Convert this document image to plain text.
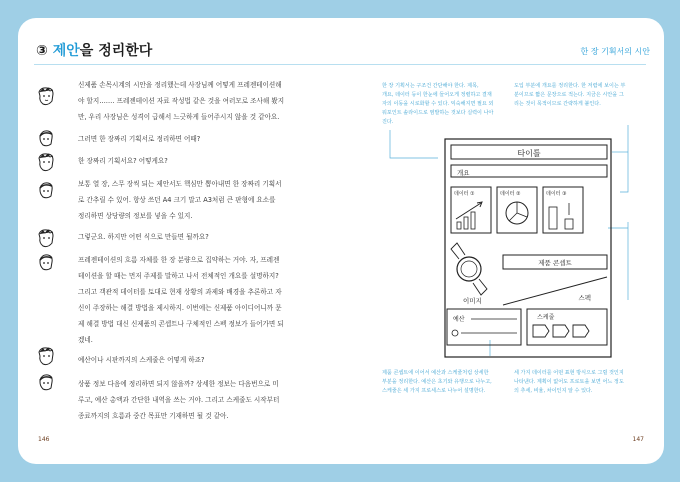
③ 제안을 정리한다	한 장 기획서의 시안
신제품 손목시계의 시안을 정리했는데 사장님께 어떻게 프레젠테이션해
야 할지……. 프레젠테이션 자료 작성법 같은 것을 여러모로 조사해 봤지
만, 우리 사장님은 성격이 급해서 느긋하게 들어주시지 않을 것 같아요.
그러면 한 장짜리 기획서로 정리하면 어때?
한 장짜리 기획서요? 어떻게요?
보통 열 장, 스무 장씩 되는 제안서도 핵심만 뽑아내면 한 장짜리 기획서
로 간추릴 수 있어. 항상 쓰던 A4 크기 말고 A3처럼 큰 판형에 요소를
정리하면 상당량의 정보를 넣을 수 있지.
그렇군요. 하지만 어떤 식으로 만들면 될까요?
프레젠테이션의 흐름 자체를 한 장 분량으로 집약하는 거야. 자, 프레젠
테이션을 할 때는 먼저 주제를 말하고 나서 전체적인 개요를 설명하지?
그리고 객관적 데이터를 토대로 현재 상황의 과제와 배경을 추론하고 자
신이 주장하는 해결 방법을 제시하지. 이번에는 신제품 아이디어니까 문
제 해결 방법 대신 신제품의 콘셉트나 구체적인 스펙 정보가 들어가면 되
겠네.
예산이나 시판까지의 스케줄은 어떻게 하죠?
상품 정보 다음에 정리하면 되지 않을까? 상세한 정보는 다음번으로 미
루고, 예산 총액과 간단한 내역을 쓰는 거야. 그리고 스케줄도 시작부터
종료까지의 흐름과 중간 목표만 기재하면 될 것 같아.
한 장 기획서는 구조건 간단해야 한다. 제목,
개요, 데이터 등이 한눈에 들어오게 정렬하고 결재
자의 이동을 시로화할 수 있다. 익숙해지면 필요 외
워포인트 솔라이드로 염발하는 것보다 실력이 나아
진다.
도입 부분에 개요를 정리한다. 한 저렴에 보이는 부
분이므로 짧은 문장으로 적는다. 지금은 시안을 그
리는 것이 목적이므로 간략하게 붙인다.
제품 콘셉트에 이어서 예산과 스케줄처럼 상세한
부분을 정리한다. 예산은 초기와 유행으로 나누고,
스케줄은 세 가지 프로세스로 나누어 설명한다.
세 가지 데이터를 어떤 표현 방식으로 그릴 것인지
나타낸다. 계획이 없어도 프로토을 보면 어느 정도
의 추세, 비율, 차이인지 알 수 있다.
타이틀
개요
데이터 ①	데이터 ②	데이터 ③
이미지
제품 콘셉트
스펙
예산	스케줄
146	147
